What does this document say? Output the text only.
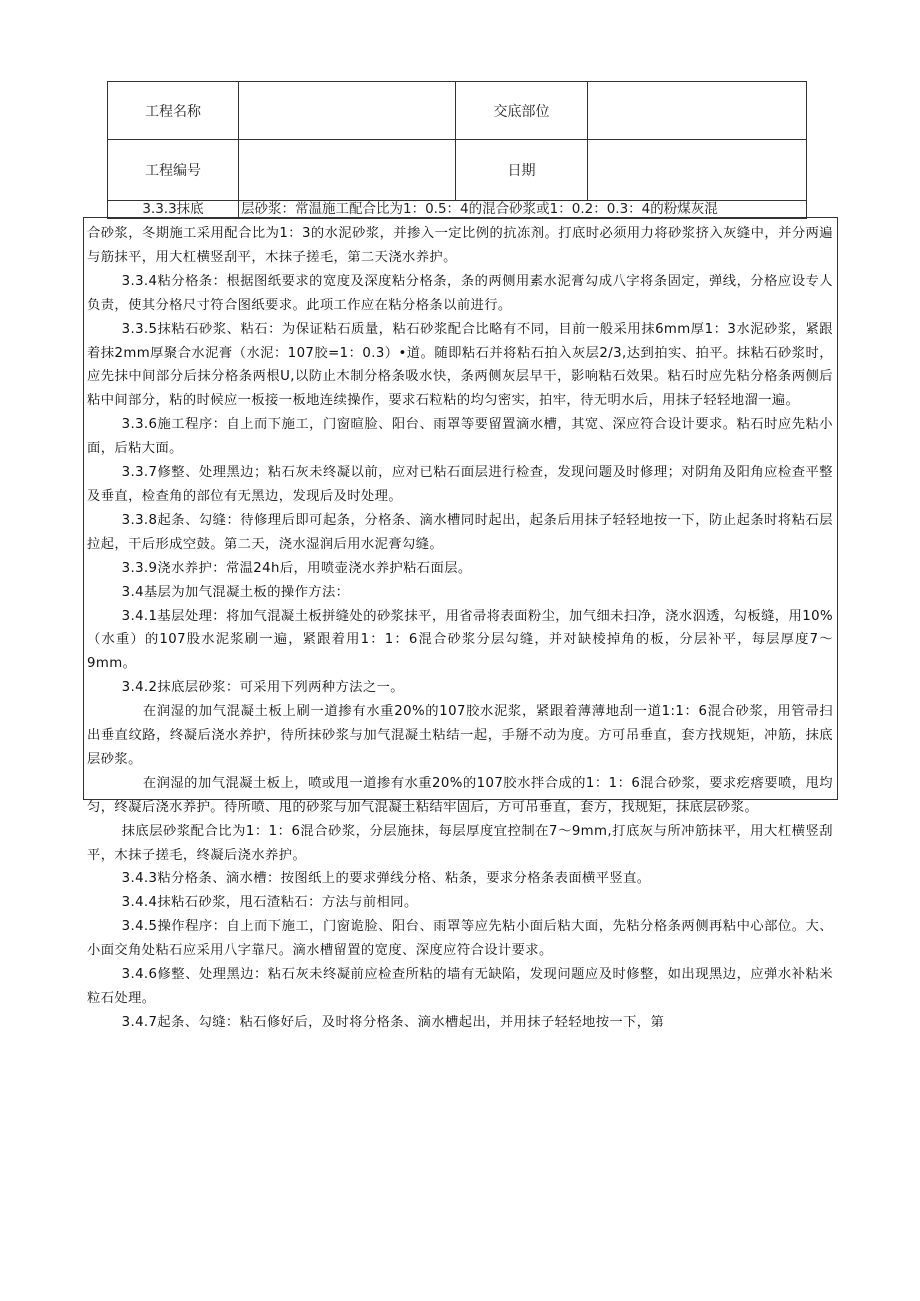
工程名称		交底部位	
工程编号		日期	
3.3.3抹底	层砂浆：常温施工配合比为1：0.5：4的混合砂浆或1：0.2：0.3：4的粉煤灰混		

合砂浆，冬期施工采用配合比为1：3的水泥砂浆，并掺入一定比例的抗冻剂。打底时必须用力将砂浆挤入灰缝中，并分两遍与筋抹平，用大杠横竖刮平，木抹子搓毛，第二天浇水养护。

3.3.4粘分格条：根据图纸要求的宽度及深度粘分格条，条的两侧用素水泥膏勾成八字将条固定，弹线，分格应设专人负责，使其分格尺寸符合图纸要求。此项工作应在粘分格条以前进行。

3.3.5抹粘石砂浆、粘石：为保证粘石质量，粘石砂浆配合比略有不同，目前一般采用抹6mm厚1：3水泥砂浆，紧跟着抹2mm厚聚合水泥膏（水泥：107胶=1：0.3）•道。随即粘石并将粘石拍入灰层2/3,达到拍实、拍平。抹粘石砂浆时，应先抹中间部分后抹分格条两根U,以防止木制分格条吸水快，条两侧灰层早干，影响粘石效果。粘石时应先粘分格条两侧后粘中间部分，粘的时候应一板接一板地连续操作，要求石粒粘的均匀密实，拍牢，待无明水后，用抹子轻轻地溜一遍。

3.3.6施工程序：自上而下施工，门窗暄脸、阳台、雨罩等要留置滴水槽，其宽、深应符合设计要求。粘石时应先粘小面，后粘大面。

3.3.7修整、处理黑边；粘石灰未终凝以前，应对已粘石面层进行检查，发现问题及时修理；对阴角及阳角应检查平整及垂直，检查角的部位有无黑边，发现后及时处理。

3.3.8起条、勾缝：待修理后即可起条，分格条、滴水槽同时起出，起条后用抹子轻轻地按一下，防止起条时将粘石层拉起，干后形成空鼓。第二天，浇水湿润后用水泥膏勾缝。

3.3.9浇水养护：常温24h后，用喷壶浇水养护粘石面层。

3.4基层为加气混凝土板的操作方法：

3.4.1基层处理：将加气混凝土板拼缝处的砂浆抹平，用省帚将表面粉尘，加气细未扫净，浇水泅透，勾板缝，用10%（水重）的107股水泥浆刷一遍，紧跟着用1：1：6混合砂浆分层勾缝，并对缺棱掉角的板，分层补平，每层厚度7～9mm。

3.4.2抹底层砂浆：可采用下列两种方法之一。

在润湿的加气混凝土板上刷一道掺有水重20%的107胶水泥浆，紧跟着薄薄地刮一道1:1：6混合砂浆，用管帚扫出垂直纹路，终凝后浇水养护，待所抹砂浆与加气混凝土粘结一起，手掰不动为度。方可吊垂直，套方找规矩，冲筋，抹底层砂浆。

在润湿的加气混凝土板上，喷或甩一道掺有水重20%的107胶水拌合成的1：1：6混合砂浆，要求疙瘩要喷，甩均匀，终凝后浇水养护。待所喷、甩的砂浆与加气混凝土粘结牢固后，方可吊垂直，套方，找规矩，抹底层砂浆。

抹底层砂浆配合比为1：1：6混合砂浆，分层施抹，每层厚度宜控制在7～9mm,打底灰与所冲筋抹平，用大杠横竖刮平，木抹子搓毛，终凝后浇水养护。

3.4.3粘分格条、滴水槽：按图纸上的要求弹线分格、粘条，要求分格条表面横平竖直。

3.4.4抹粘石砂浆，甩石渣粘石：方法与前相同。

3.4.5操作程序：自上而下施工，门窗诡脸、阳台、雨罩等应先粘小面后粘大面，先粘分格条两侧再粘中心部位。大、小面交角处粘石应采用八字靠尺。滴水槽留置的宽度、深度应符合设计要求。

3.4.6修整、处理黑边：粘石灰未终凝前应检查所粘的墙有无缺陷，发现问题应及时修整，如出现黑边，应弹水补粘米粒石处理。

3.4.7起条、勾缝：粘石修好后，及时将分格条、滴水槽起出，并用抹子轻轻地按一下，第
